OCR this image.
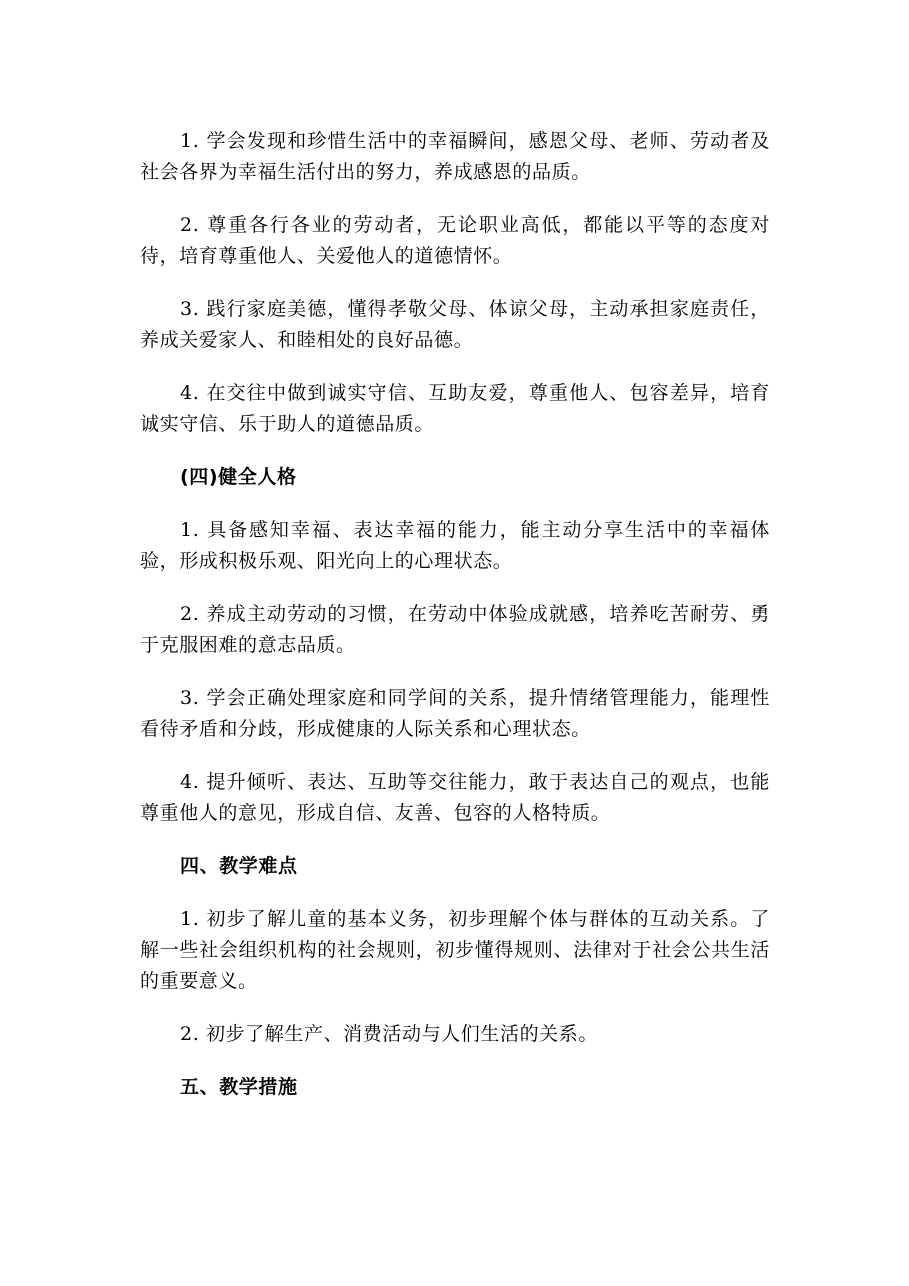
1. 学会发现和珍惜生活中的幸福瞬间，感恩父母、老师、劳动者及社会各界为幸福生活付出的努力，养成感恩的品质。

2. 尊重各行各业的劳动者，无论职业高低，都能以平等的态度对待，培育尊重他人、关爱他人的道德情怀。

3. 践行家庭美德，懂得孝敬父母、体谅父母，主动承担家庭责任， 养成关爱家人、和睦相处的良好品德。

4. 在交往中做到诚实守信、互助友爱，尊重他人、包容差异，培育诚实守信、乐于助人的道德品质。

(四)健全人格

1. 具备感知幸福、表达幸福的能力，能主动分享生活中的幸福体验，形成积极乐观、阳光向上的心理状态。

2. 养成主动劳动的习惯，在劳动中体验成就感，培养吃苦耐劳、勇于克服困难的意志品质。

3. 学会正确处理家庭和同学间的关系，提升情绪管理能力，能理性看待矛盾和分歧，形成健康的人际关系和心理状态。

4. 提升倾听、表达、互助等交往能力，敢于表达自己的观点，也能尊重他人的意见，形成自信、友善、包容的人格特质。

四、教学难点

1. 初步了解儿童的基本义务，初步理解个体与群体的互动关系。了解一些社会组织机构的社会规则，初步懂得规则、法律对于社会公共生活的重要意义。

2. 初步了解生产、消费活动与人们生活的关系。

五、教学措施
